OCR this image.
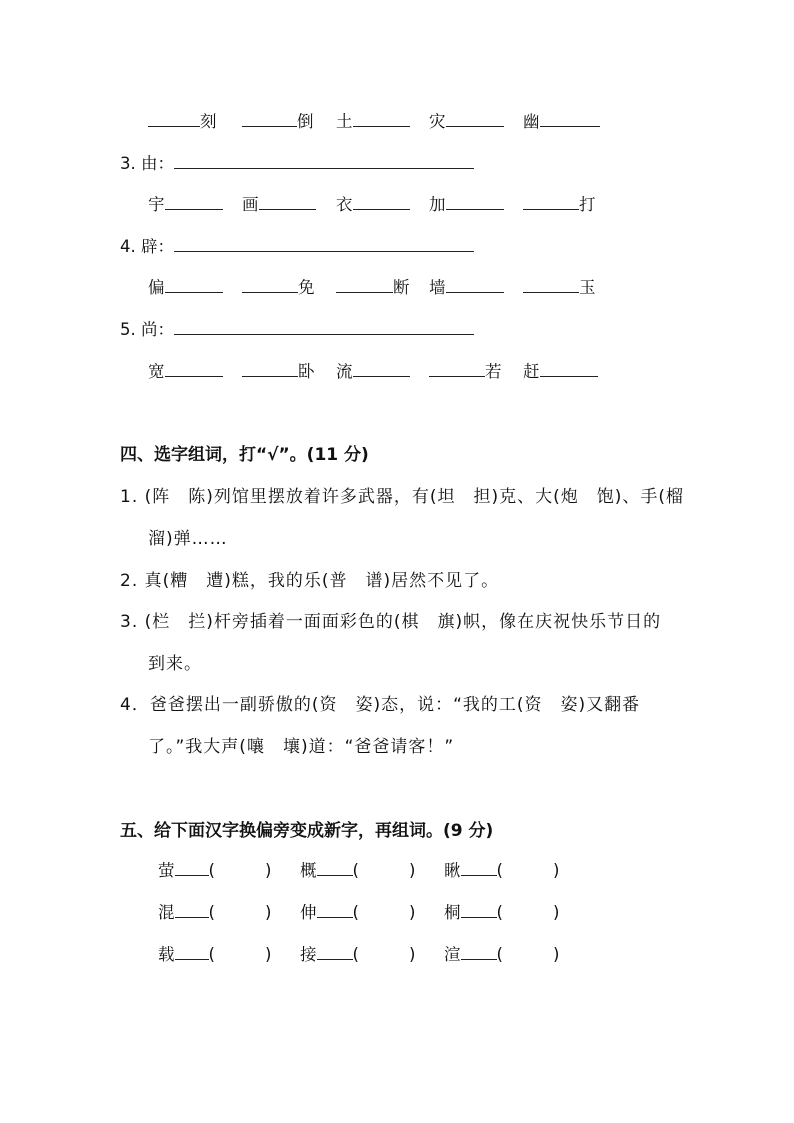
刻	倒 土	灾	幽
3. 由：
宇	画	衣	加	打
4. 辟：
偏	免	断 墙	玉
5. 尚：
宽	卧 流	若 赶
四、选字组词，打“√”。(11 分)
1. (阵　陈)列馆里摆放着许多武器，有(坦　担)克、大(炮　饱)、手(榴
溜)弹……
2. 真(糟　遭)糕，我的乐(普　谱)居然不见了。
3. (栏　拦)杆旁插着一面面彩色的(棋　旗)帜，像在庆祝快乐节日的
到来。
4．爸爸摆出一副骄傲的(资　姿)态，说：“我的工(资　姿)又翻番
了。”我大声(嚷　壤)道：“爸爸请客！”
五、给下面汉字换偏旁变成新字，再组词。(9 分)
萤 (	) 概 (	) 瞅 (	)
混 (	) 伸 (	) 桐 (	)
载 (	) 接 (	) 渲 (	)
